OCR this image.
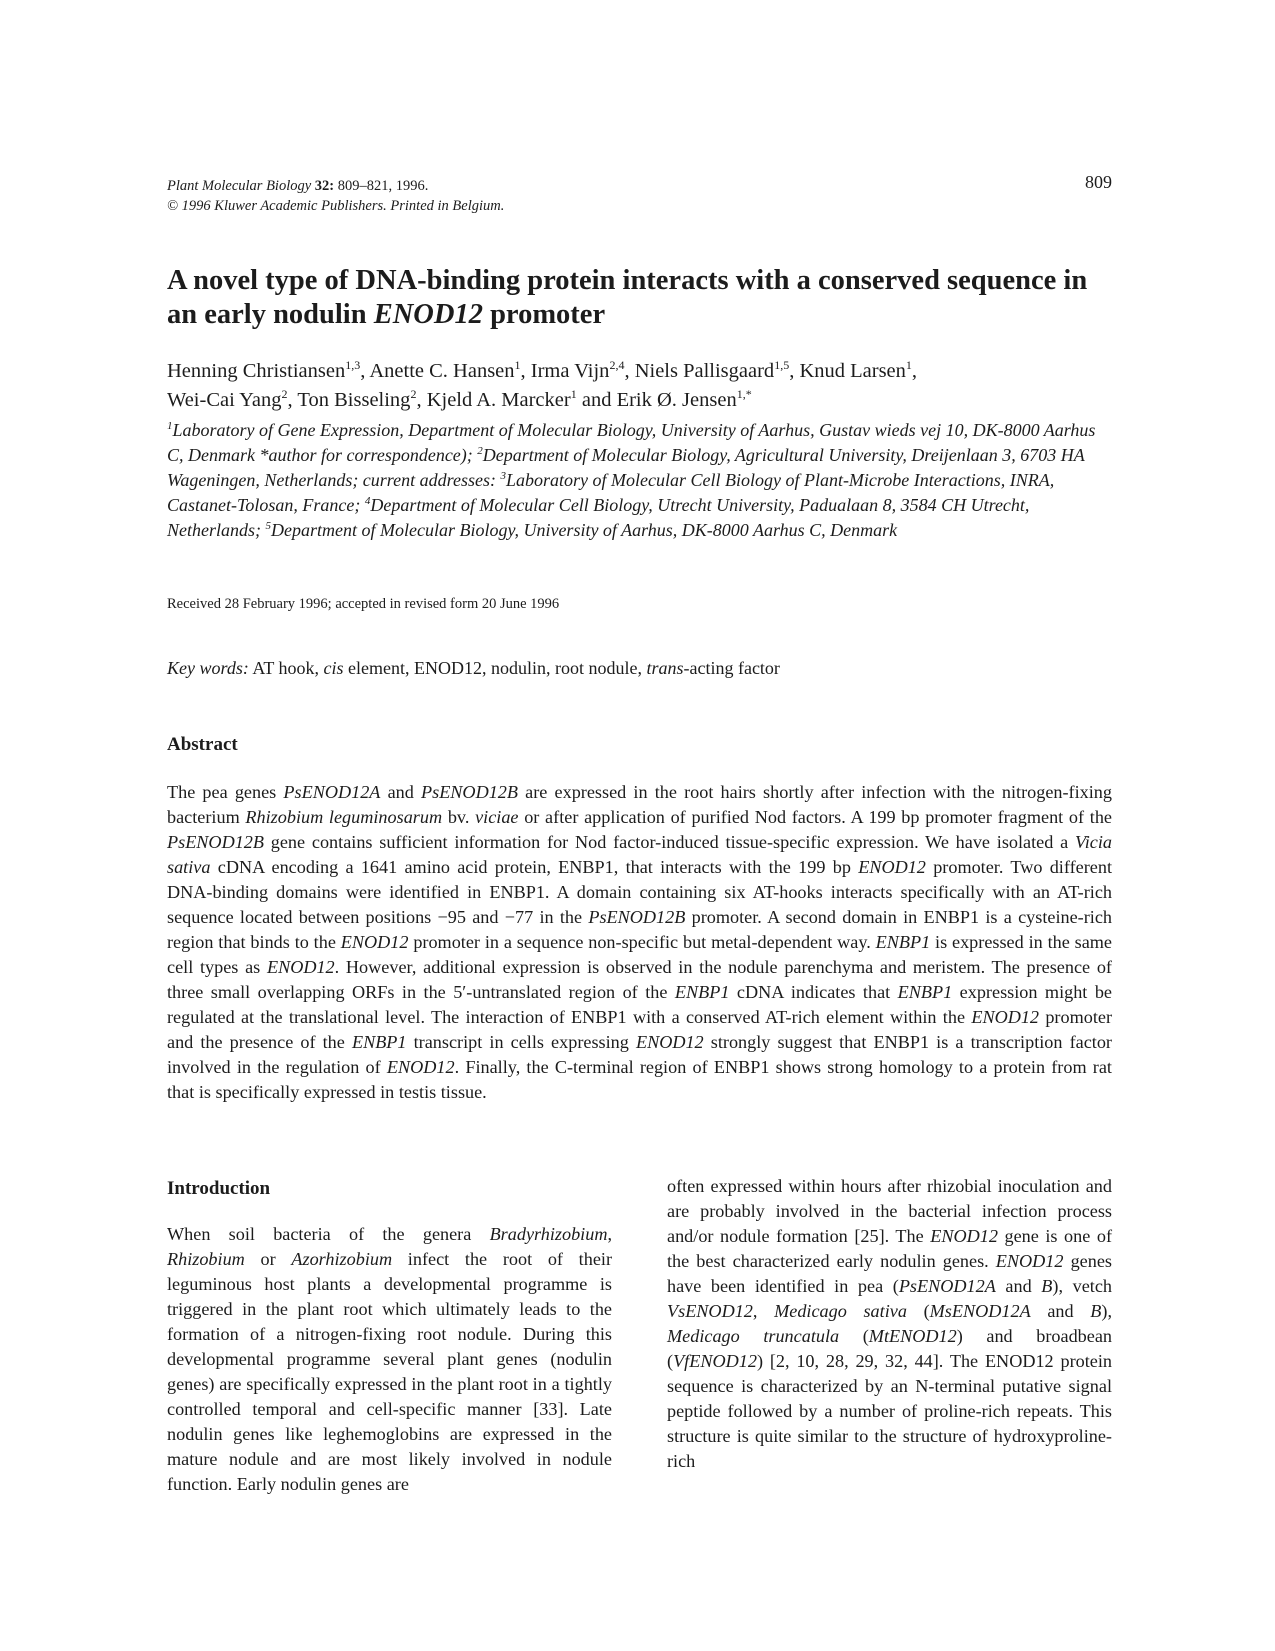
Plant Molecular Biology 32: 809–821, 1996.
© 1996 Kluwer Academic Publishers. Printed in Belgium.
809
A novel type of DNA-binding protein interacts with a conserved sequence in
an early nodulin ENOD12 promoter
Henning Christiansen$^{1,3}$, Anette C. Hansen$^1$, Irma Vijn$^{2,4}$, Niels Pallisgaard$^{1,5}$, Knud Larsen$^1$,
Wei-Cai Yang$^2$, Ton Bisseling$^2$, Kjeld A. Marcker$^1$ and Erik Ø. Jensen$^{1,*}$
$^1$Laboratory of Gene Expression, Department of Molecular Biology, University of Aarhus, Gustav wieds vej 10, DK-8000 Aarhus C, Denmark *author for correspondence); $^2$Department of Molecular Biology, Agricultural University, Dreijenlaan 3, 6703 HA Wageningen, Netherlands; current addresses: $^3$Laboratory of Molecular Cell Biology of Plant-Microbe Interactions, INRA, Castanet-Tolosan, France; $^4$Department of Molecular Cell Biology, Utrecht University, Padualaan 8, 3584 CH Utrecht, Netherlands; $^5$Department of Molecular Biology, University of Aarhus, DK-8000 Aarhus C, Denmark
Received 28 February 1996; accepted in revised form 20 June 1996
Key words: AT hook, cis element, ENOD12, nodulin, root nodule, trans-acting factor
Abstract
The pea genes PsENOD12A and PsENOD12B are expressed in the root hairs shortly after infection with the nitrogen-fixing bacterium Rhizobium leguminosarum bv. viciae or after application of purified Nod factors. A 199 bp promoter fragment of the PsENOD12B gene contains sufficient information for Nod factor-induced tissue-specific expression. We have isolated a Vicia sativa cDNA encoding a 1641 amino acid protein, ENBP1, that interacts with the 199 bp ENOD12 promoter. Two different DNA-binding domains were identified in ENBP1. A domain containing six AT-hooks interacts specifically with an AT-rich sequence located between positions −95 and −77 in the PsENOD12B promoter. A second domain in ENBP1 is a cysteine-rich region that binds to the ENOD12 promoter in a sequence non-specific but metal-dependent way. ENBP1 is expressed in the same cell types as ENOD12. However, additional expression is observed in the nodule parenchyma and meristem. The presence of three small overlapping ORFs in the 5′-untranslated region of the ENBP1 cDNA indicates that ENBP1 expression might be regulated at the translational level. The interaction of ENBP1 with a conserved AT-rich element within the ENOD12 promoter and the presence of the ENBP1 transcript in cells expressing ENOD12 strongly suggest that ENBP1 is a transcription factor involved in the regulation of ENOD12. Finally, the C-terminal region of ENBP1 shows strong homology to a protein from rat that is specifically expressed in testis tissue.
Introduction
When soil bacteria of the genera Bradyrhizobium, Rhizobium or Azorhizobium infect the root of their leguminous host plants a developmental programme is triggered in the plant root which ultimately leads to the formation of a nitrogen-fixing root nodule. During this developmental programme several plant genes (nodulin genes) are specifically expressed in the plant root in a tightly controlled temporal and cell-specific manner [33]. Late nodulin genes like leghemoglobins are expressed in the mature nodule and are most likely involved in nodule function. Early nodulin genes are
often expressed within hours after rhizobial inoculation and are probably involved in the bacterial infection process and/or nodule formation [25]. The ENOD12 gene is one of the best characterized early nodulin genes. ENOD12 genes have been identified in pea (PsENOD12A and B), vetch VsENOD12, Medicago sativa (MsENOD12A and B), Medicago truncatula (MtENOD12) and broadbean (VfENOD12) [2, 10, 28, 29, 32, 44]. The ENOD12 protein sequence is characterized by an N-terminal putative signal peptide followed by a number of proline-rich repeats. This structure is quite similar to the structure of hydroxyproline-rich
